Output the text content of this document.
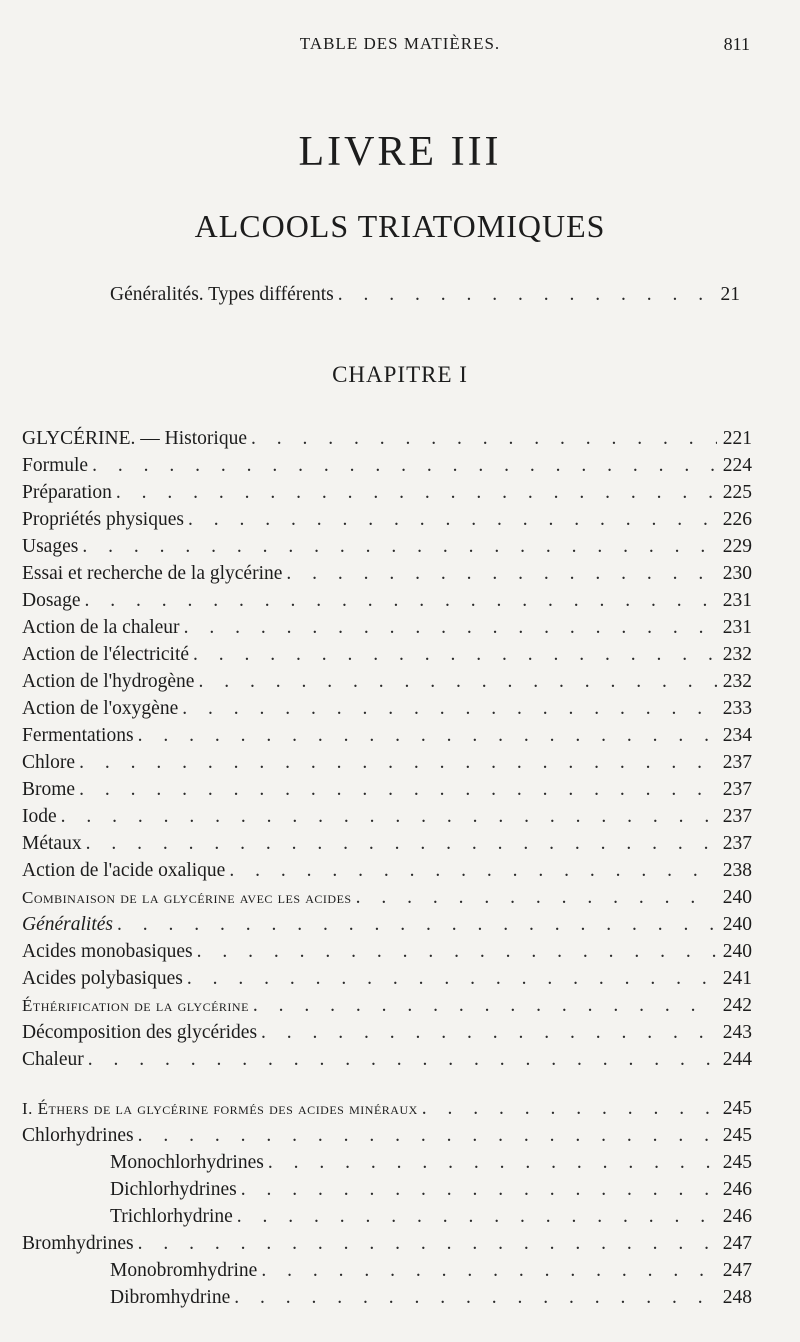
TABLE DES MATIÈRES.	811
LIVRE III
ALCOOLS TRIATOMIQUES
Généralités. Types différents . . .	21
CHAPITRE I
GLYCÉRINE. — Historique . . .	221
Formule . . .	224
Préparation . . .	225
Propriétés physiques . . .	226
Usages . . .	229
Essai et recherche de la glycérine . . .	230
Dosage . . .	231
Action de la chaleur . . .	231
Action de l'électricité . . .	232
Action de l'hydrogène . . .	232
Action de l'oxygène . . .	233
Fermentations . . .	234
Chlore . . .	237
Brome . . .	237
Iode . . .	237
Métaux . . .	237
Action de l'acide oxalique . . .	238
Combinaison de la glycérine avec les acides . . .	240
Généralités . . .	240
Acides monobasiques . . .	240
Acides polybasiques . . .	241
Éthérification de la glycérine . . .	242
Décomposition des glycérides . . .	243
Chaleur . . .	244
I. Éthers de la glycérine formés des acides minéraux . . .	245
Chlorhydrines . . .	245
Monochlorhydrines . . .	245
Dichlorhydrines . . .	246
Trichlorhydrine . . .	246
Bromhydrines . . .	247
Monobromhydrine . . .	247
Dibromhydrine . . .	248
